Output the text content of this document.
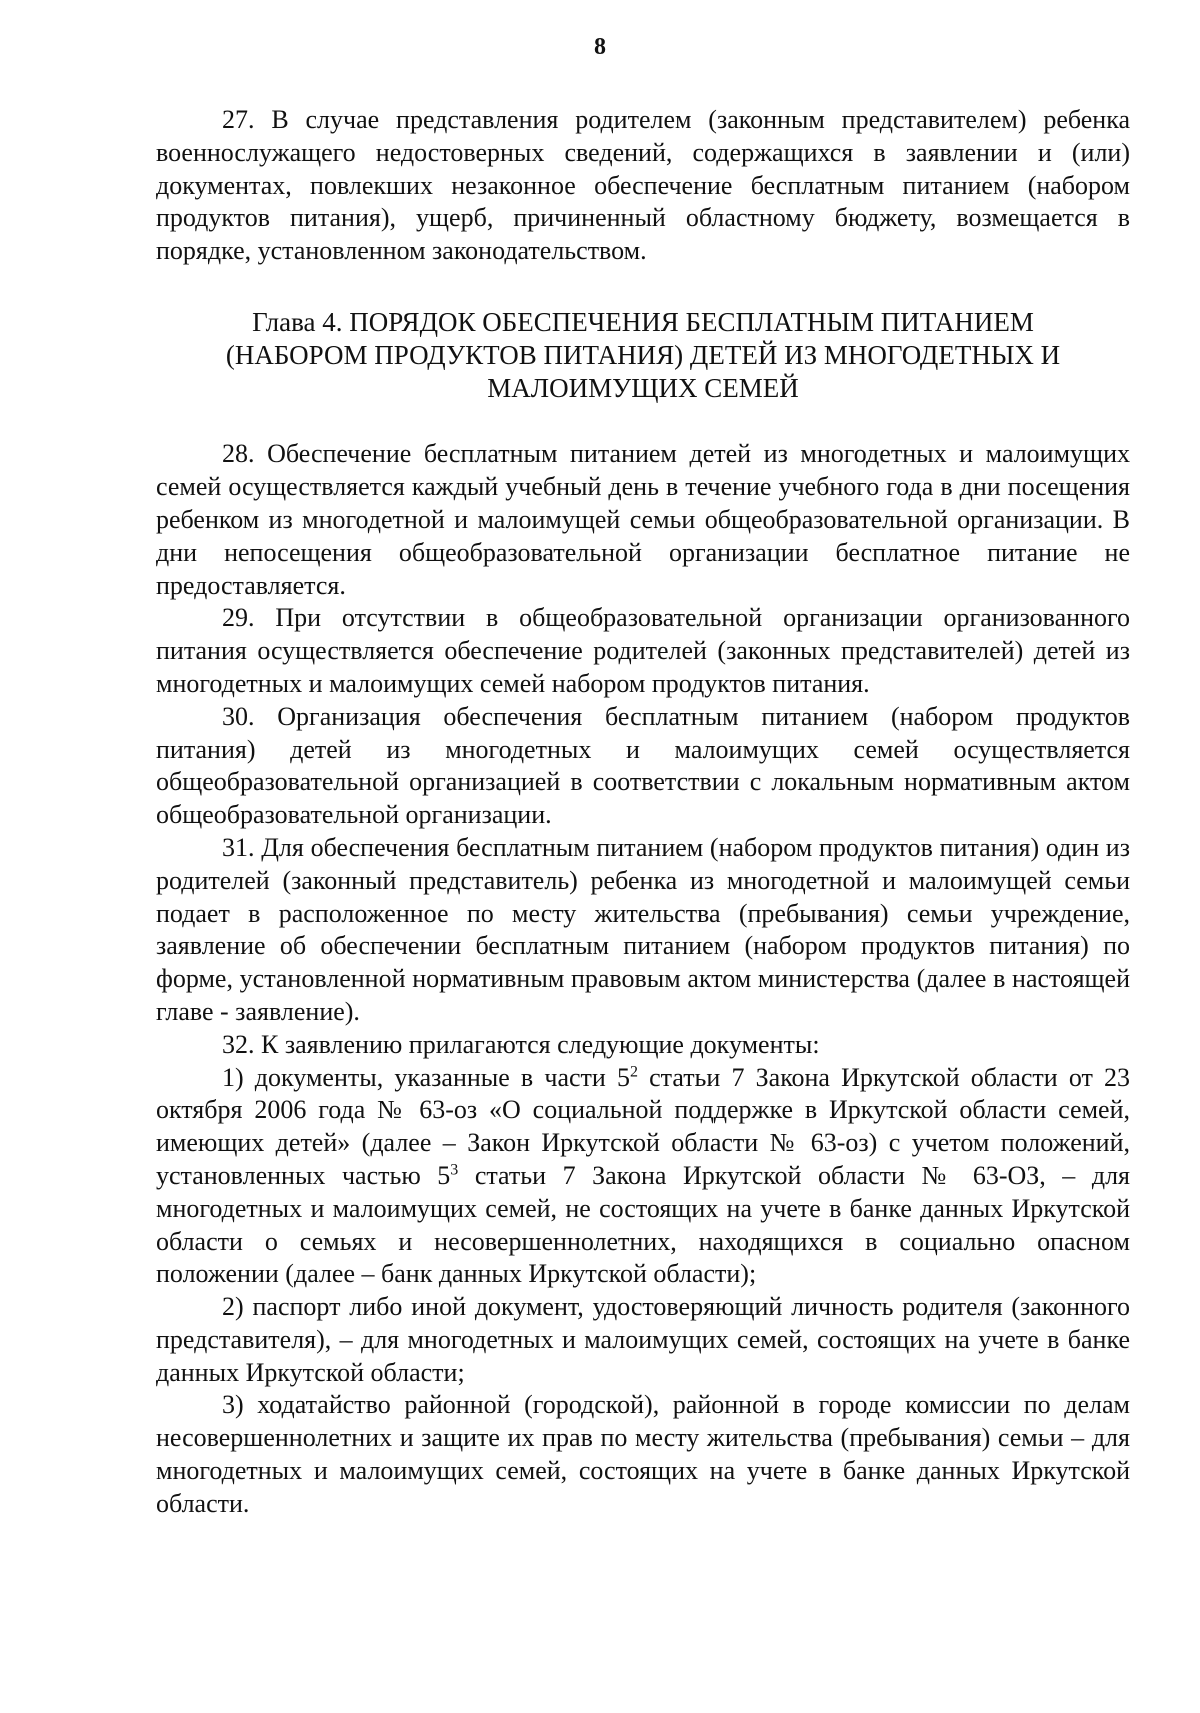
8

27. В случае представления родителем (законным представителем) ребенка военнослужащего недостоверных сведений, содержащихся в заявлении и (или) документах, повлекших незаконное обеспечение бесплатным питанием (набором продуктов питания), ущерб, причиненный областному бюджету, возмещается в порядке, установленном законодательством.

Глава 4. ПОРЯДОК ОБЕСПЕЧЕНИЯ БЕСПЛАТНЫМ ПИТАНИЕМ
(НАБОРОМ ПРОДУКТОВ ПИТАНИЯ) ДЕТЕЙ ИЗ МНОГОДЕТНЫХ И
МАЛОИМУЩИХ СЕМЕЙ

28. Обеспечение бесплатным питанием детей из многодетных и малоимущих семей осуществляется каждый учебный день в течение учебного года в дни посещения ребенком из многодетной и малоимущей семьи общеобразовательной организации. В дни непосещения общеобразовательной организации бесплатное питание не предоставляется.

29. При отсутствии в общеобразовательной организации организованного питания осуществляется обеспечение родителей (законных представителей) детей из многодетных и малоимущих семей набором продуктов питания.

30. Организация обеспечения бесплатным питанием (набором продуктов питания) детей из многодетных и малоимущих семей осуществляется общеобразовательной организацией в соответствии с локальным нормативным актом общеобразовательной организации.

31. Для обеспечения бесплатным питанием (набором продуктов питания) один из родителей (законный представитель) ребенка из многодетной и малоимущей семьи подает в расположенное по месту жительства (пребывания) семьи учреждение, заявление об обеспечении бесплатным питанием (набором продуктов питания) по форме, установленной нормативным правовым актом министерства (далее в настоящей главе - заявление).

32. К заявлению прилагаются следующие документы:

1) документы, указанные в части $5^2$ статьи 7 Закона Иркутской области от 23 октября 2006 года № 63-оз «О социальной поддержке в Иркутской области семей, имеющих детей» (далее – Закон Иркутской области № 63-оз) с учетом положений, установленных частью $5^3$ статьи 7 Закона Иркутской области № 63-ОЗ, – для многодетных и малоимущих семей, не состоящих на учете в банке данных Иркутской области о семьях и несовершеннолетних, находящихся в социально опасном положении (далее – банк данных Иркутской области);

2) паспорт либо иной документ, удостоверяющий личность родителя (законного представителя), – для многодетных и малоимущих семей, состоящих на учете в банке данных Иркутской области;

3) ходатайство районной (городской), районной в городе комиссии по делам несовершеннолетних и защите их прав по месту жительства (пребывания) семьи – для многодетных и малоимущих семей, состоящих на учете в банке данных Иркутской области.
